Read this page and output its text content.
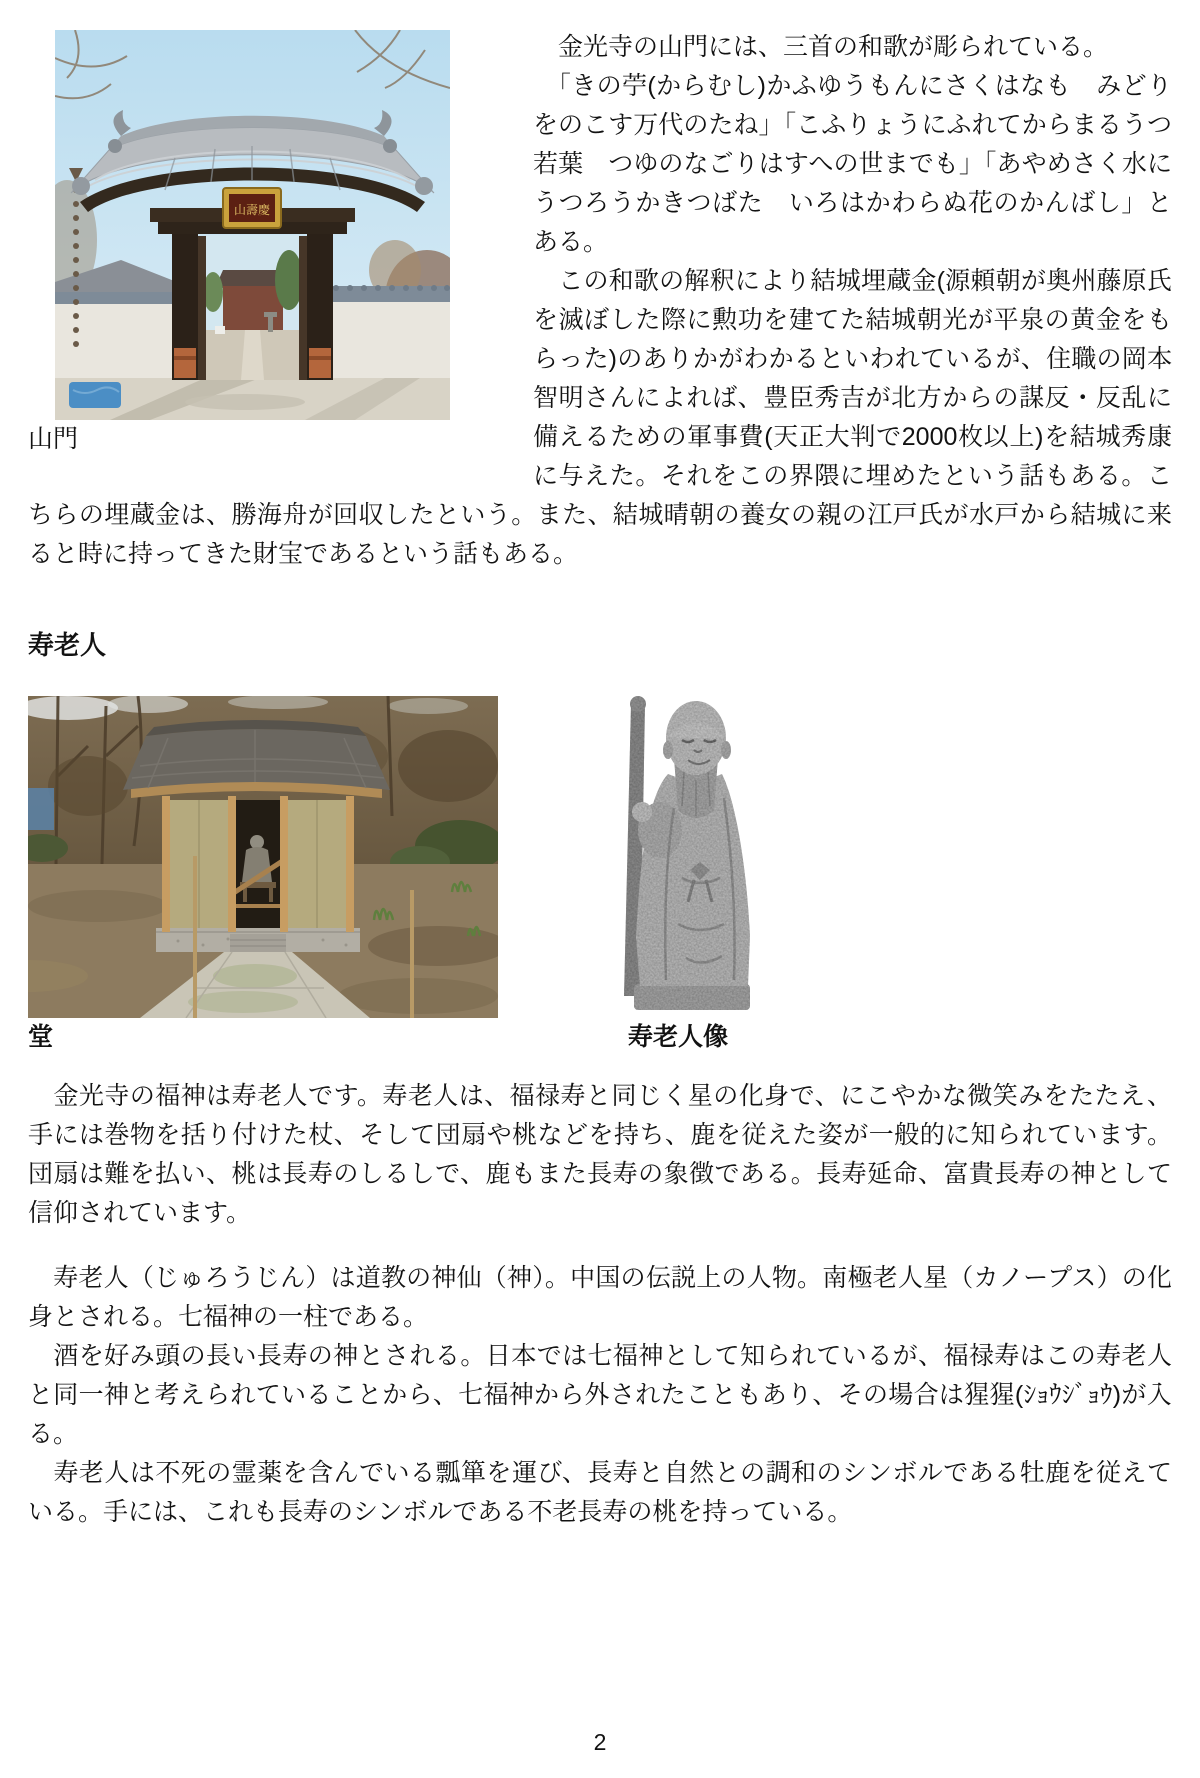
山壽慶
山門

　金光寺の山門には、三首の和歌が彫られている。

　「きの苧(からむし)かふゆうもんにさくはなも　みどりをのこす万代のたね」「こふりょうにふれてからまるうつ若葉　つゆのなごりはすへの世までも」「あやめさく水にうつろうかきつばた　いろはかわらぬ花のかんばし」とある。

　この和歌の解釈により結城埋蔵金(源頼朝が奥州藤原氏を滅ぼした際に勲功を建てた結城朝光が平泉の黄金をもらった)のありかがわかるといわれているが、住職の岡本智明さんによれば、豊臣秀吉が北方からの謀反・反乱に備えるための軍事費(天正大判で2000枚以上)を結城秀康に与えた。それをこの界隈に埋めたという話もある。こちらの埋蔵金は、勝海舟が回収したという。また、結城晴朝の養女の親の江戸氏が水戸から結城に来ると時に持ってきた財宝であるという話もある。

寿老人
堂	寿老人像

　金光寺の福神は寿老人です。寿老人は、福禄寿と同じく星の化身で、にこやかな微笑みをたたえ、手には巻物を括り付けた杖、そして団扇や桃などを持ち、鹿を従えた姿が一般的に知られています。団扇は難を払い、桃は長寿のしるしで、鹿もまた長寿の象徴である。長寿延命、富貴長寿の神として信仰されています。

　寿老人（じゅろうじん）は道教の神仙（神）。中国の伝説上の人物。南極老人星（カノープス）の化身とされる。七福神の一柱である。

　酒を好み頭の長い長寿の神とされる。日本では七福神として知られているが、福禄寿はこの寿老人と同一神と考えられていることから、七福神から外されたこともあり、その場合は猩猩(ｼｮｳｼﾞｮｳ)が入る。

　寿老人は不死の霊薬を含んでいる瓢箪を運び、長寿と自然との調和のシンボルである牡鹿を従えている。手には、これも長寿のシンボルである不老長寿の桃を持っている。

2
